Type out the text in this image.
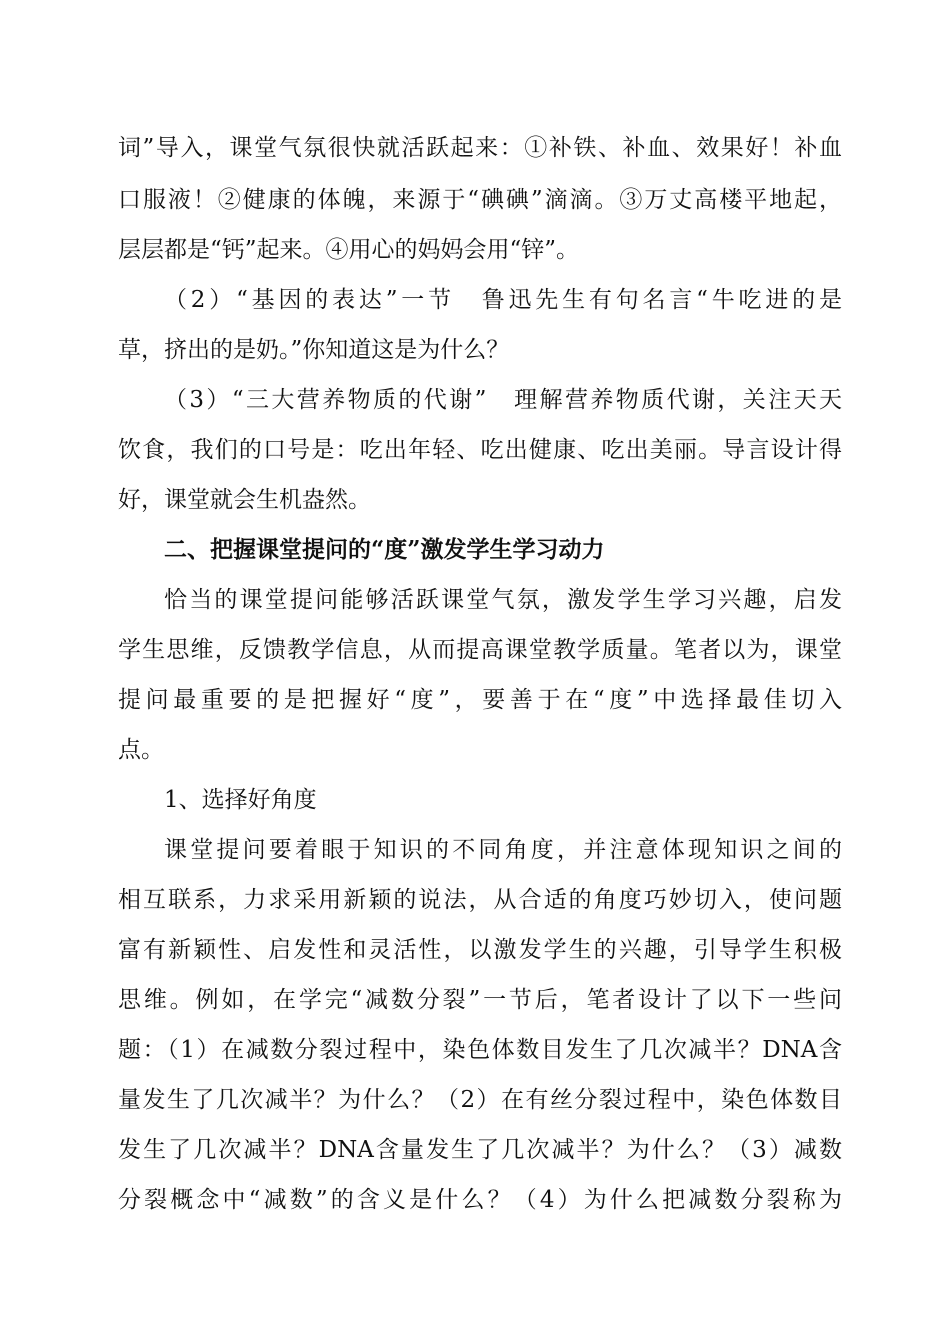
词”导入，课堂气氛很快就活跃起来：①补铁、补血、效果好！补血
口服液！②健康的体魄，来源于“碘碘”滴滴。③万丈高楼平地起，
层层都是“钙”起来。④用心的妈妈会用“锌”。
（2）“基因的表达”一节　鲁迅先生有句名言“牛吃进的是
草，挤出的是奶。”你知道这是为什么？
（3）“三大营养物质的代谢”　理解营养物质代谢，关注天天
饮食，我们的口号是：吃出年轻、吃出健康、吃出美丽。导言设计得
好，课堂就会生机盎然。
二、把握课堂提问的“度”激发学生学习动力
恰当的课堂提问能够活跃课堂气氛，激发学生学习兴趣，启发
学生思维，反馈教学信息，从而提高课堂教学质量。笔者以为，课堂
提问最重要的是把握好“度”，要善于在“度”中选择最佳切入
点。
1、选择好角度
课堂提问要着眼于知识的不同角度，并注意体现知识之间的
相互联系，力求采用新颖的说法，从合适的角度巧妙切入，使问题
富有新颖性、启发性和灵活性，以激发学生的兴趣，引导学生积极
思维。例如，在学完“减数分裂”一节后，笔者设计了以下一些问
题：（1）在减数分裂过程中，染色体数目发生了几次减半？DNA含
量发生了几次减半？为什么？（2）在有丝分裂过程中，染色体数目
发生了几次减半？DNA含量发生了几次减半？为什么？（3）减数
分裂概念中“减数”的含义是什么？（4）为什么把减数分裂称为
